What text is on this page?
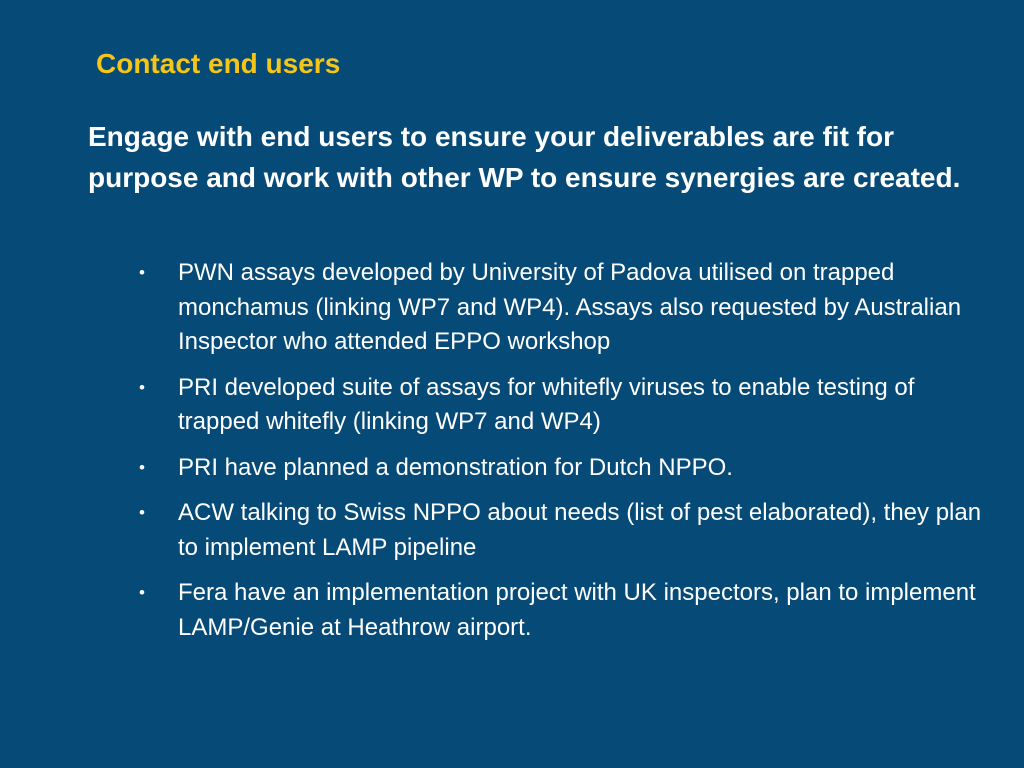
Contact end users
Engage with end users to ensure your deliverables are fit for purpose and work with other WP to ensure synergies are created.
• PWN assays developed by University of Padova utilised on trapped monchamus (linking WP7 and WP4). Assays also requested by Australian Inspector who attended EPPO workshop
• PRI developed suite of assays for whitefly viruses to enable testing of trapped whitefly (linking WP7 and WP4)
• PRI have planned a demonstration for Dutch NPPO.
• ACW talking to Swiss NPPO about needs (list of pest elaborated), they plan to implement LAMP pipeline
• Fera have an implementation project with UK inspectors, plan to implement LAMP/Genie at Heathrow airport.
